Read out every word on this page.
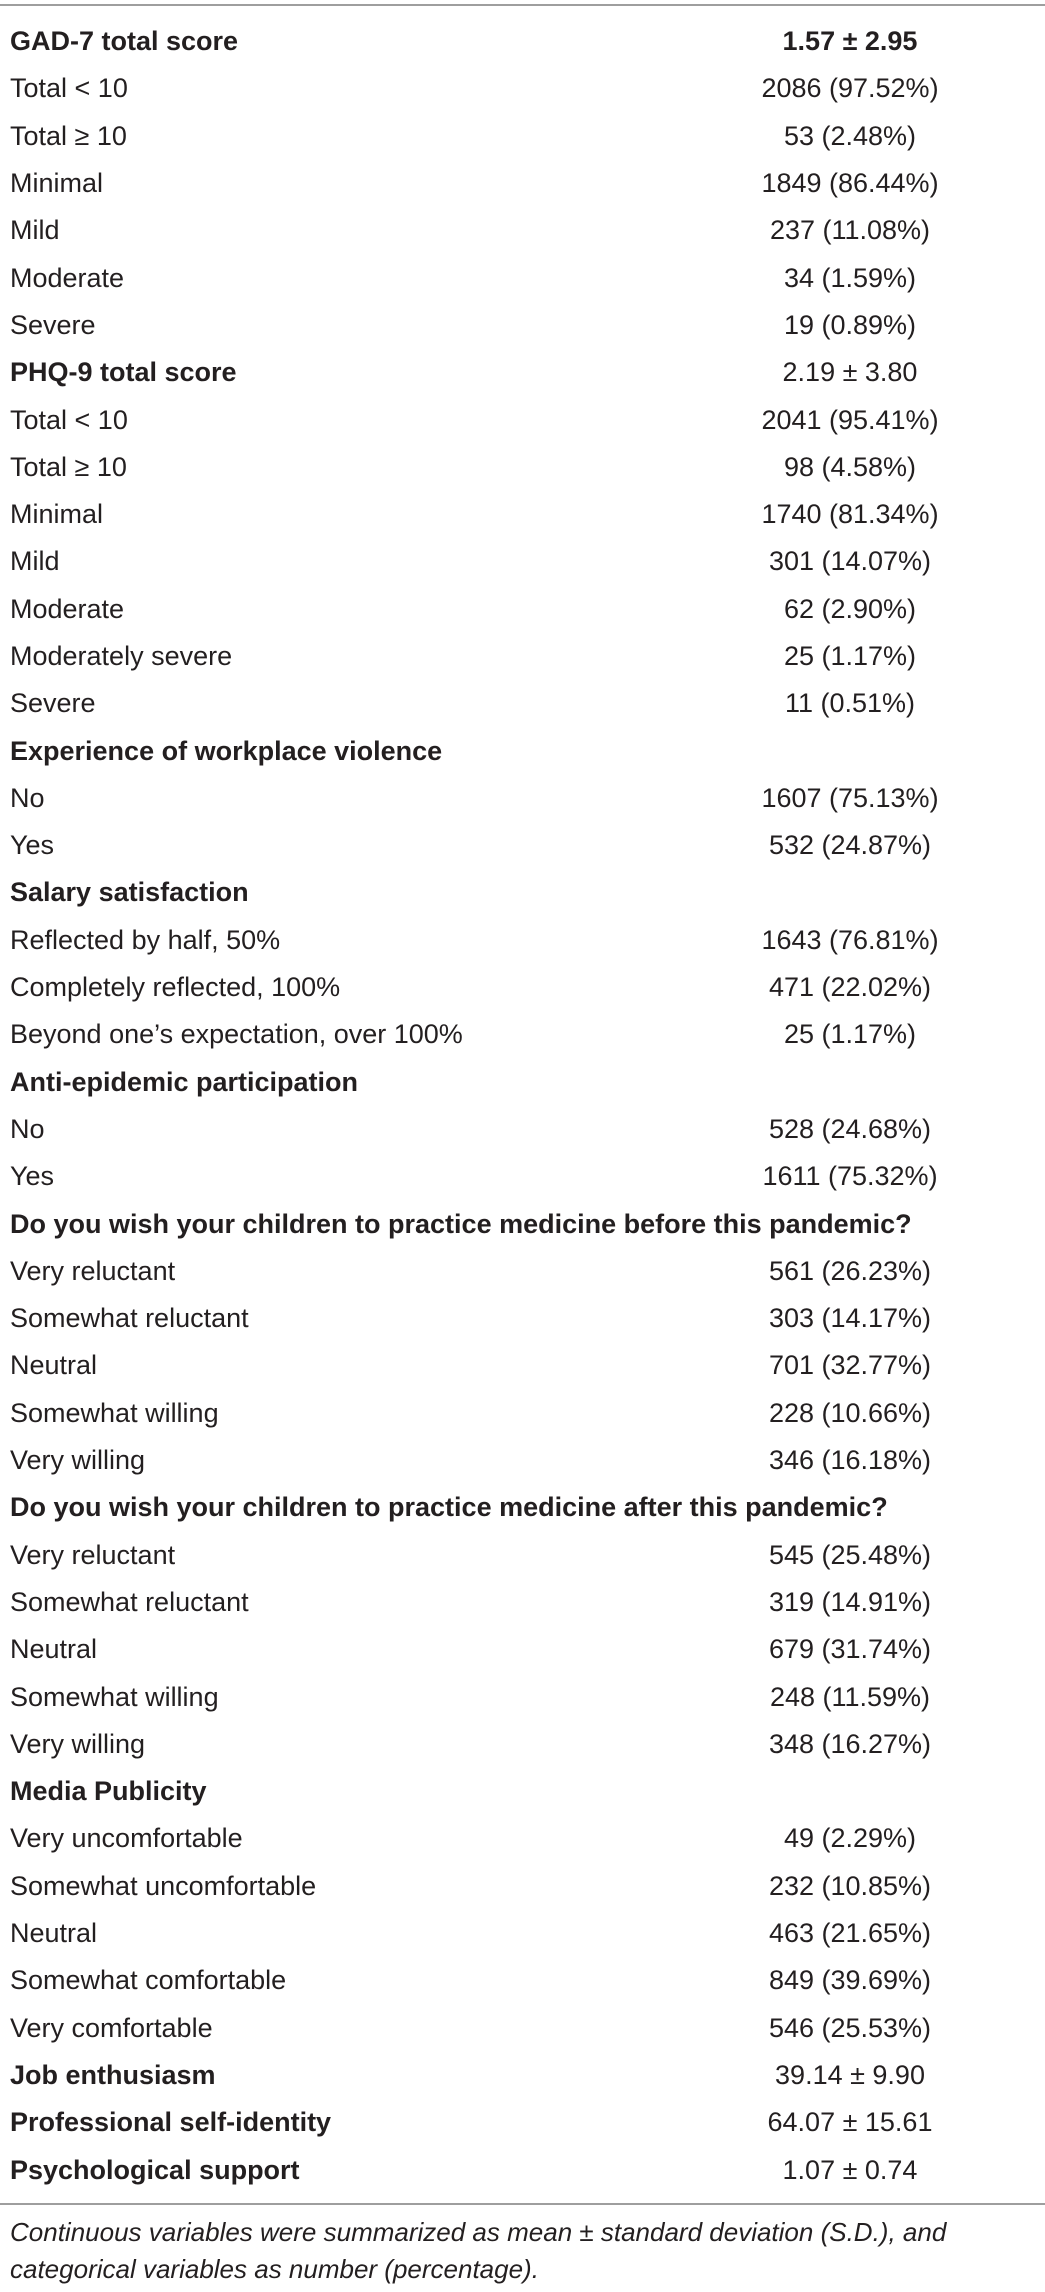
GAD-7 total score	1.57 ± 2.95
Total < 10	2086 (97.52%)
Total ≥ 10	53 (2.48%)
Minimal	1849 (86.44%)
Mild	237 (11.08%)
Moderate	34 (1.59%)
Severe	19 (0.89%)
PHQ-9 total score	2.19 ± 3.80
Total < 10	2041 (95.41%)
Total ≥ 10	98 (4.58%)
Minimal	1740 (81.34%)
Mild	301 (14.07%)
Moderate	62 (2.90%)
Moderately severe	25 (1.17%)
Severe	11 (0.51%)
Experience of workplace violence
No	1607 (75.13%)
Yes	532 (24.87%)
Salary satisfaction
Reflected by half, 50%	1643 (76.81%)
Completely reflected, 100%	471 (22.02%)
Beyond one’s expectation, over 100%	25 (1.17%)
Anti-epidemic participation
No	528 (24.68%)
Yes	1611 (75.32%)
Do you wish your children to practice medicine before this pandemic?
Very reluctant	561 (26.23%)
Somewhat reluctant	303 (14.17%)
Neutral	701 (32.77%)
Somewhat willing	228 (10.66%)
Very willing	346 (16.18%)
Do you wish your children to practice medicine after this pandemic?
Very reluctant	545 (25.48%)
Somewhat reluctant	319 (14.91%)
Neutral	679 (31.74%)
Somewhat willing	248 (11.59%)
Very willing	348 (16.27%)
Media Publicity
Very uncomfortable	49 (2.29%)
Somewhat uncomfortable	232 (10.85%)
Neutral	463 (21.65%)
Somewhat comfortable	849 (39.69%)
Very comfortable	546 (25.53%)
Job enthusiasm	39.14 ± 9.90
Professional self-identity	64.07 ± 15.61
Psychological support	1.07 ± 0.74
Continuous variables were summarized as mean ± standard deviation (S.D.), and categorical variables as number (percentage).
